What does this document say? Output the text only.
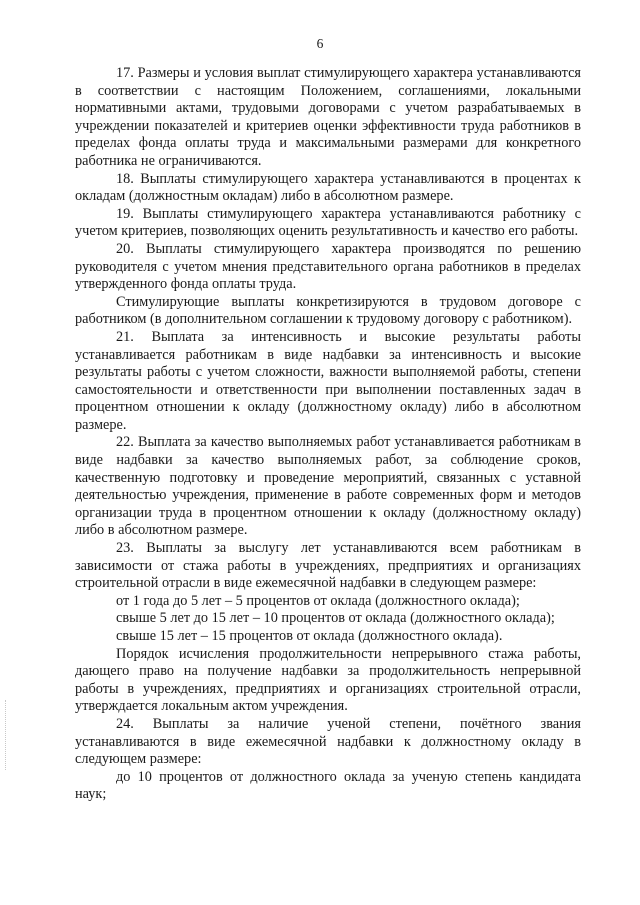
6

17. Размеры и условия выплат стимулирующего характера устанавливаются в соответствии с настоящим Положением, соглашениями, локальными нормативными актами, трудовыми договорами с учетом разрабатываемых в учреждении показателей и критериев оценки эффективности труда работников в пределах фонда оплаты труда и максимальными размерами для конкретного работника не ограничиваются.

18. Выплаты стимулирующего характера устанавливаются в процентах к окладам (должностным окладам) либо в абсолютном размере.

19. Выплаты стимулирующего характера устанавливаются работнику с учетом критериев, позволяющих оценить результативность и качество его работы.

20. Выплаты стимулирующего характера производятся по решению руководителя с учетом мнения представительного органа работников в пределах утвержденного фонда оплаты труда.

Стимулирующие выплаты конкретизируются в трудовом договоре с работником (в дополнительном соглашении к трудовому договору с работником).

21. Выплата за интенсивность и высокие результаты работы устанавливается работникам в виде надбавки за интенсивность и высокие результаты работы с учетом сложности, важности выполняемой работы, степени самостоятельности и ответственности при выполнении поставленных задач в процентном отношении к окладу (должностному окладу) либо в абсолютном размере.

22. Выплата за качество выполняемых работ устанавливается работникам в виде надбавки за качество выполняемых работ, за соблюдение сроков, качественную подготовку и проведение мероприятий, связанных с уставной деятельностью учреждения, применение в работе современных форм и методов организации труда в процентном отношении к окладу (должностному окладу) либо в абсолютном размере.

23. Выплаты за выслугу лет устанавливаются всем работникам в зависимости от стажа работы в учреждениях, предприятиях и организациях строительной отрасли в виде ежемесячной надбавки в следующем размере:

от 1 года до 5 лет – 5 процентов от оклада (должностного оклада);

свыше 5 лет до 15 лет – 10 процентов от оклада (должностного оклада);

свыше 15 лет – 15 процентов от оклада (должностного оклада).

Порядок исчисления продолжительности непрерывного стажа работы, дающего право на получение надбавки за продолжительность непрерывной работы в учреждениях, предприятиях и организациях строительной отрасли, утверждается локальным актом учреждения.

24. Выплаты за наличие ученой степени, почётного звания устанавливаются в виде ежемесячной надбавки к должностному окладу в следующем размере:

до 10 процентов от должностного оклада за ученую степень кандидата наук;
